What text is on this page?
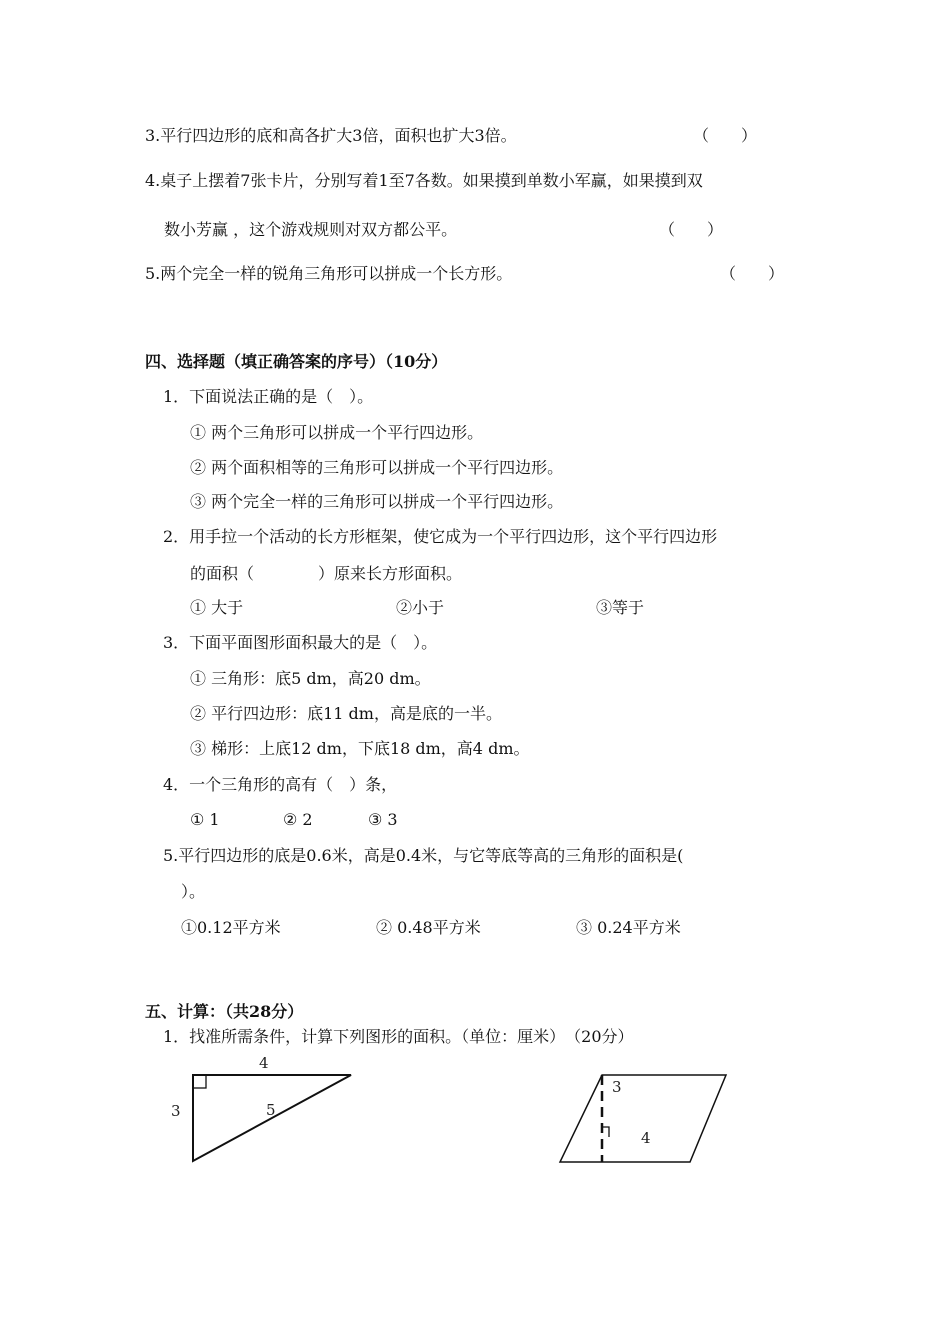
3.平行四边形的底和高各扩大3倍，面积也扩大3倍。	（　　）
4.桌子上摆着7张卡片，分别写着1至7各数。如果摸到单数小军赢，如果摸到双
数小芳赢 ，这个游戏规则对双方都公平。	（　　）
5.两个完全一样的锐角三角形可以拼成一个长方形。	（　　）
四、选择题（填正确答案的序号）（10分）
1．下面说法正确的是（　）。
① 两个三角形可以拼成一个平行四边形。
② 两个面积相等的三角形可以拼成一个平行四边形。
③ 两个完全一样的三角形可以拼成一个平行四边形。
2．用手拉一个活动的长方形框架，使它成为一个平行四边形，这个平行四边形
的面积（　　　　）原来长方形面积。
① 大于	②小于	③等于
3．下面平面图形面积最大的是（　）。
① 三角形：底5 dm，高20 dm。
② 平行四边形：底11 dm，高是底的一半。
③ 梯形：上底12 dm，下底18 dm，高4 dm。
4．一个三角形的高有（　）条，
① 1	② 2	③ 3
5.平行四边形的底是0.6米，高是0.4米，与它等底等高的三角形的面积是(
）。
①0.12平方米	② 0.48平方米	③ 0.24平方米
五、计算：（共28分）
1．找准所需条件，计算下列图形的面积。（单位：厘米）　（20分）
4
3	5
3
4
